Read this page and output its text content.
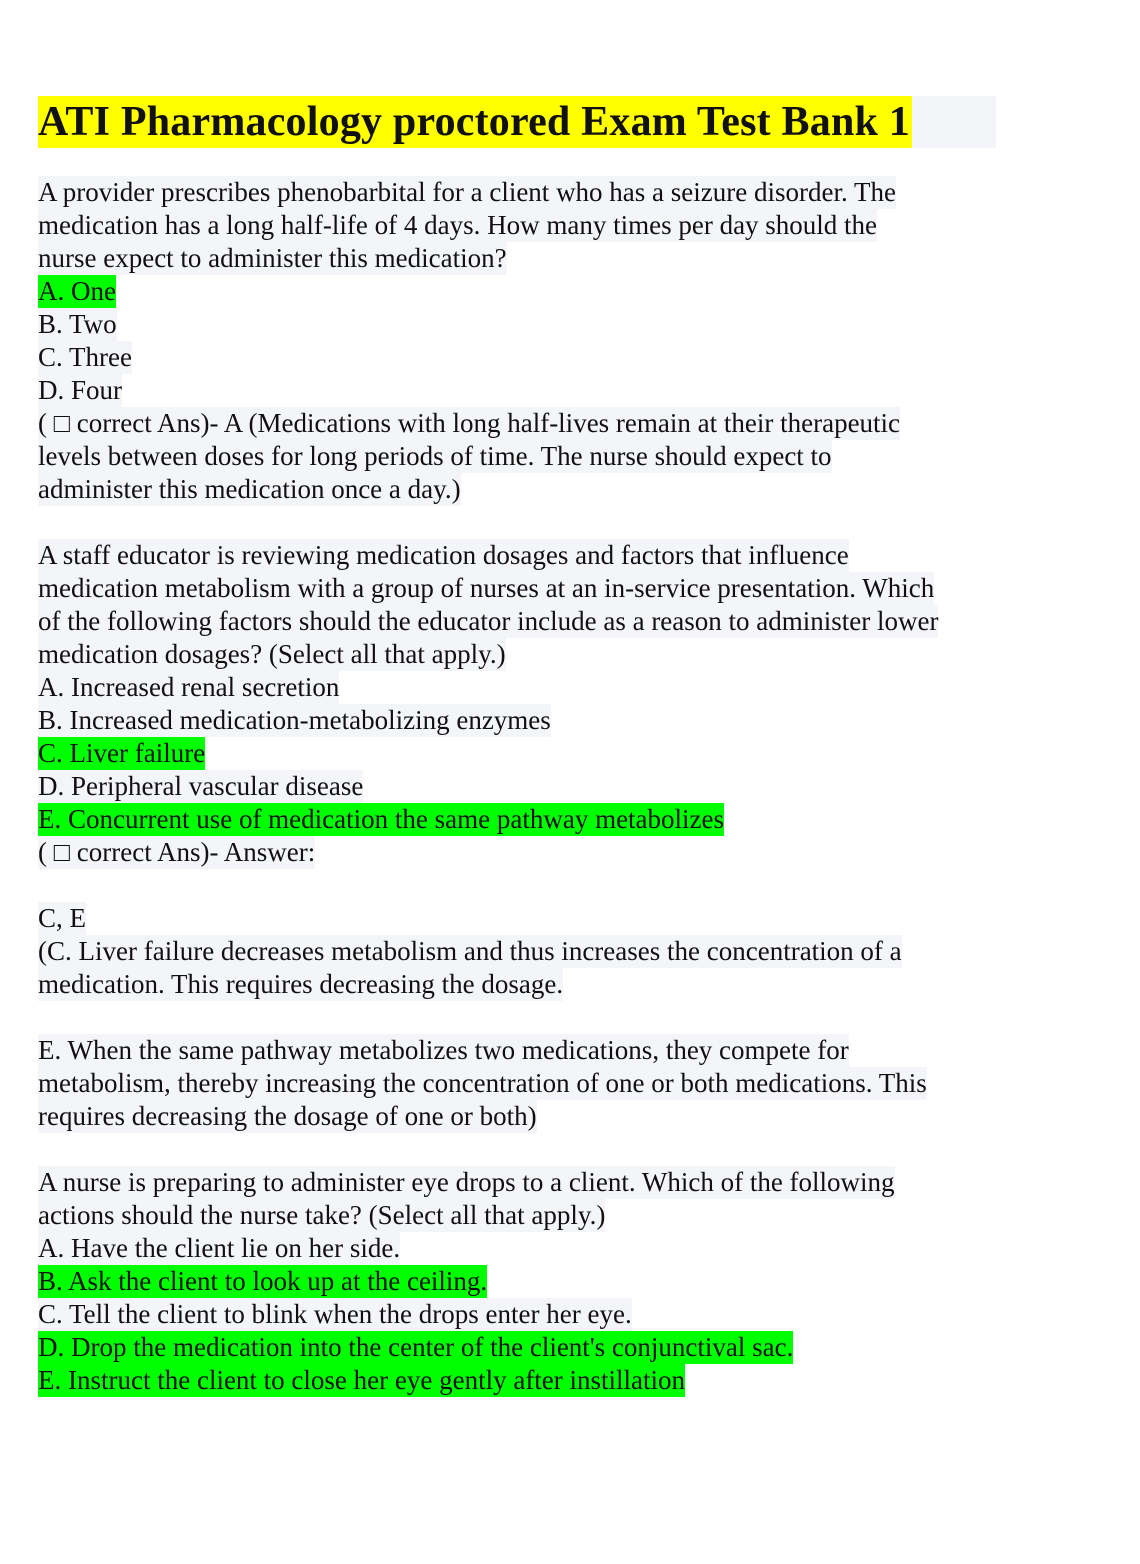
ATI Pharmacology proctored Exam Test Bank 1
A provider prescribes phenobarbital for a client who has a seizure disorder. The
medication has a long half-life of 4 days. How many times per day should the
nurse expect to administer this medication?
A. One
B. Two
C. Three
D. Four
( □ correct Ans)- A (Medications with long half-lives remain at their therapeutic
levels between doses for long periods of time. The nurse should expect to
administer this medication once a day.)
A staff educator is reviewing medication dosages and factors that influence
medication metabolism with a group of nurses at an in-service presentation. Which
of the following factors should the educator include as a reason to administer lower
medication dosages? (Select all that apply.)
A. Increased renal secretion
B. Increased medication-metabolizing enzymes
C. Liver failure
D. Peripheral vascular disease
E. Concurrent use of medication the same pathway metabolizes
( □ correct Ans)- Answer:
C, E
(C. Liver failure decreases metabolism and thus increases the concentration of a
medication. This requires decreasing the dosage.
E. When the same pathway metabolizes two medications, they compete for
metabolism, thereby increasing the concentration of one or both medications. This
requires decreasing the dosage of one or both)
A nurse is preparing to administer eye drops to a client. Which of the following
actions should the nurse take? (Select all that apply.)
A. Have the client lie on her side.
B. Ask the client to look up at the ceiling.
C. Tell the client to blink when the drops enter her eye.
D. Drop the medication into the center of the client's conjunctival sac.
E. Instruct the client to close her eye gently after instillation
